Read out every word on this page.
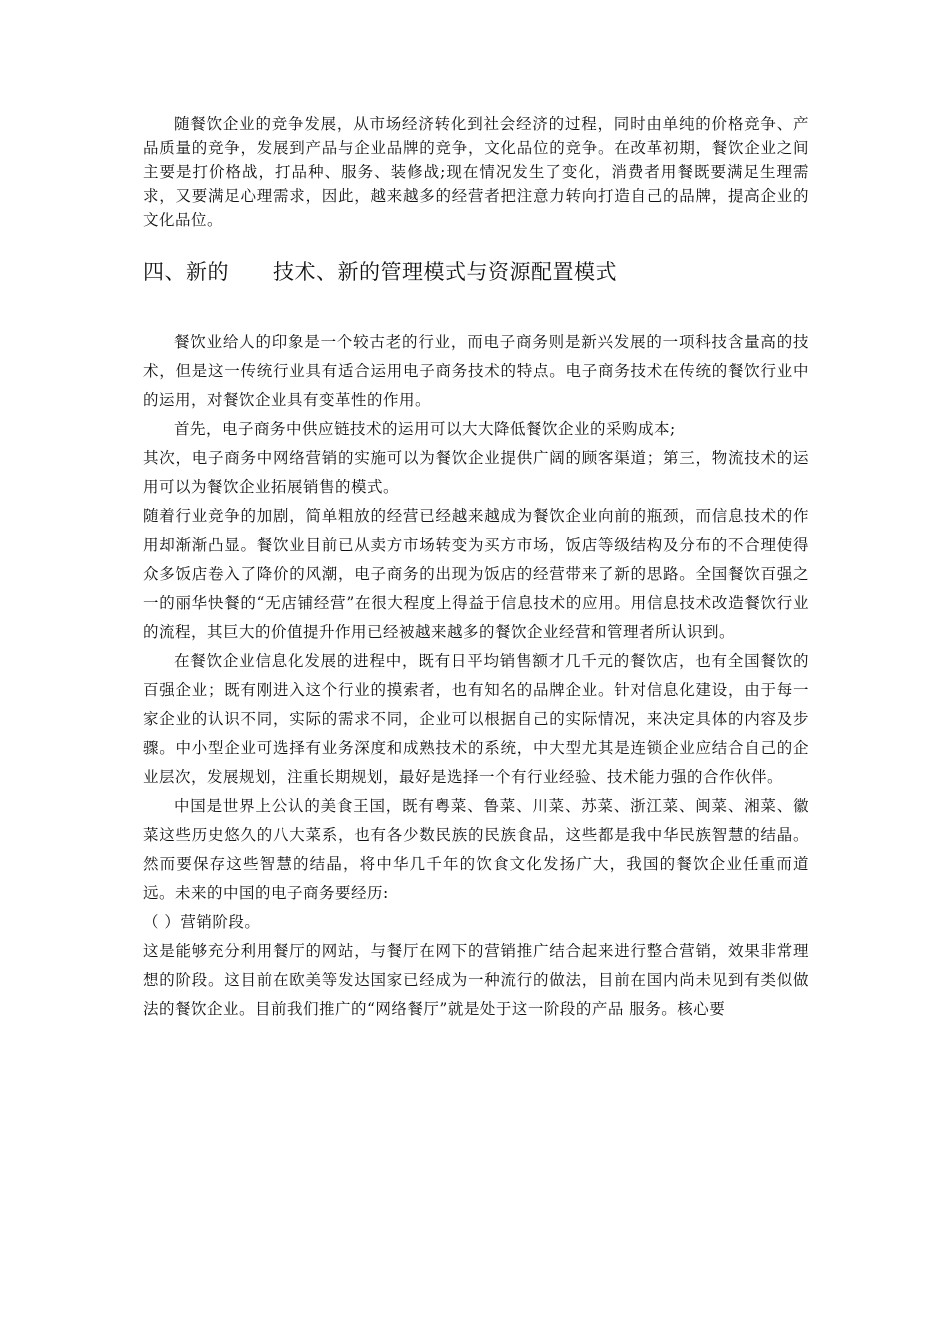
随餐饮企业的竞争发展，从市场经济转化到社会经济的过程，同时由单纯的价格竞争、产品质量的竞争，发展到产品与企业品牌的竞争，文化品位的竞争。在改革初期，餐饮企业之间主要是打价格战，打品种、服务、装修战;现在情况发生了变化，消费者用餐既要满足生理需求，又要满足心理需求，因此，越来越多的经营者把注意力转向打造自己的品牌，提高企业的文化品位。

四、新的 技术、新的管理模式与资源配置模式

餐饮业给人的印象是一个较古老的行业，而电子商务则是新兴发展的一项科技含量高的技术，但是这一传统行业具有适合运用电子商务技术的特点。电子商务技术在传统的餐饮行业中的运用，对餐饮企业具有变革性的作用。

首先，电子商务中供应链技术的运用可以大大降低餐饮企业的采购成本;

其次，电子商务中网络营销的实施可以为餐饮企业提供广阔的顾客渠道；第三，物流技术的运用可以为餐饮企业拓展销售的模式。

随着行业竞争的加剧，简单粗放的经营已经越来越成为餐饮企业向前的瓶颈，而信息技术的作用却渐渐凸显。餐饮业目前已从卖方市场转变为买方市场，饭店等级结构及分布的不合理使得众多饭店卷入了降价的风潮，电子商务的出现为饭店的经营带来了新的思路。全国餐饮百强之一的丽华快餐的“无店铺经营”在很大程度上得益于信息技术的应用。用信息技术改造餐饮行业的流程，其巨大的价值提升作用已经被越来越多的餐饮企业经营和管理者所认识到。

在餐饮企业信息化发展的进程中，既有日平均销售额才几千元的餐饮店，也有全国餐饮的百强企业；既有刚进入这个行业的摸索者，也有知名的品牌企业。针对信息化建设，由于每一家企业的认识不同，实际的需求不同，企业可以根据自己的实际情况，来决定具体的内容及步骤。中小型企业可选择有业务深度和成熟技术的系统，中大型尤其是连锁企业应结合自己的企业层次，发展规划，注重长期规划，最好是选择一个有行业经验、技术能力强的合作伙伴。

中国是世界上公认的美食王国，既有粤菜、鲁菜、川菜、苏菜、浙江菜、闽菜、湘菜、徽菜这些历史悠久的八大菜系，也有各少数民族的民族食品，这些都是我中华民族智慧的结晶。然而要保存这些智慧的结晶，将中华几千年的饮食文化发扬广大，我国的餐饮企业任重而道远。未来的中国的电子商务要经历:

（ ）营销阶段。

这是能够充分利用餐厅的网站，与餐厅在网下的营销推广结合起来进行整合营销，效果非常理想的阶段。这目前在欧美等发达国家已经成为一种流行的做法，目前在国内尚未见到有类似做法的餐饮企业。目前我们推广的“网络餐厅”就是处于这一阶段的产品 服务。核心要
